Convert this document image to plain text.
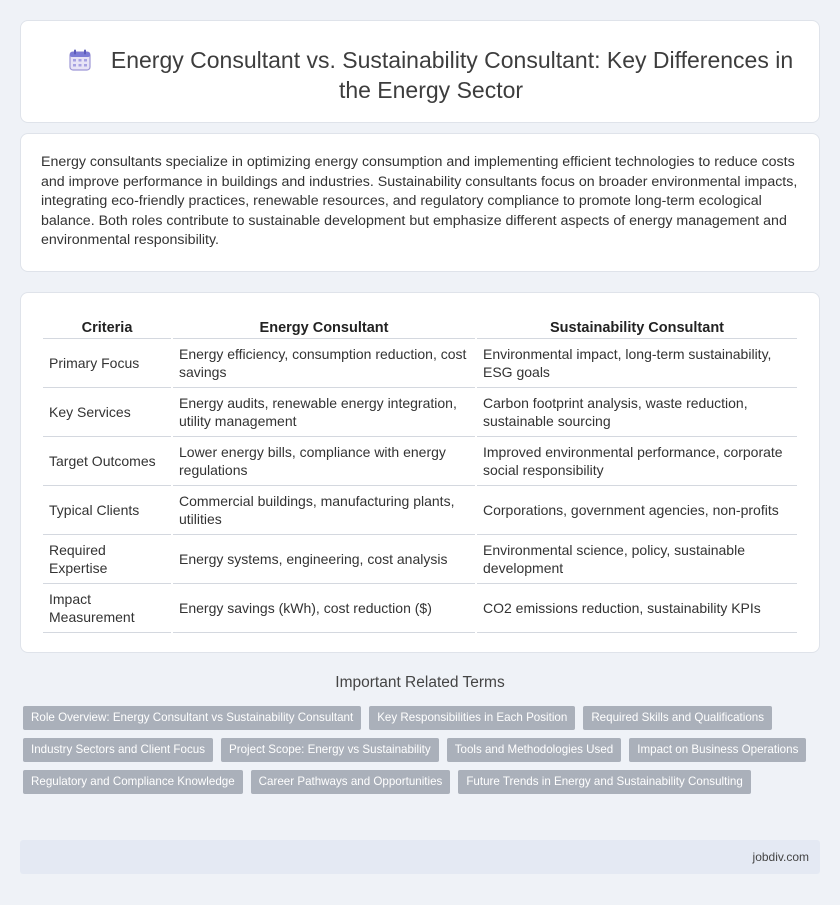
Energy Consultant vs. Sustainability Consultant: Key Differences in the Energy Sector

Energy consultants specialize in optimizing energy consumption and implementing efficient technologies to reduce costs and improve performance in buildings and industries. Sustainability consultants focus on broader environmental impacts, integrating eco-friendly practices, renewable resources, and regulatory compliance to promote long-term ecological balance. Both roles contribute to sustainable development but emphasize different aspects of energy management and environmental responsibility.

Criteria	Energy Consultant	Sustainability Consultant
Primary Focus	Energy efficiency, consumption reduction, cost savings	Environmental impact, long-term sustainability, ESG goals
Key Services	Energy audits, renewable energy integration, utility management	Carbon footprint analysis, waste reduction, sustainable sourcing
Target Outcomes	Lower energy bills, compliance with energy regulations	Improved environmental performance, corporate social responsibility
Typical Clients	Commercial buildings, manufacturing plants, utilities	Corporations, government agencies, non-profits
Required Expertise	Energy systems, engineering, cost analysis	Environmental science, policy, sustainable development
Impact Measurement	Energy savings (kWh), cost reduction ($)	CO2 emissions reduction, sustainability KPIs
Important Related Terms
Role Overview: Energy Consultant vs Sustainability Consultant	Key Responsibilities in Each Position	Required Skills and Qualifications
Industry Sectors and Client Focus	Project Scope: Energy vs Sustainability	Tools and Methodologies Used	Impact on Business Operations
Regulatory and Compliance Knowledge	Career Pathways and Opportunities	Future Trends in Energy and Sustainability Consulting
jobdiv.com
